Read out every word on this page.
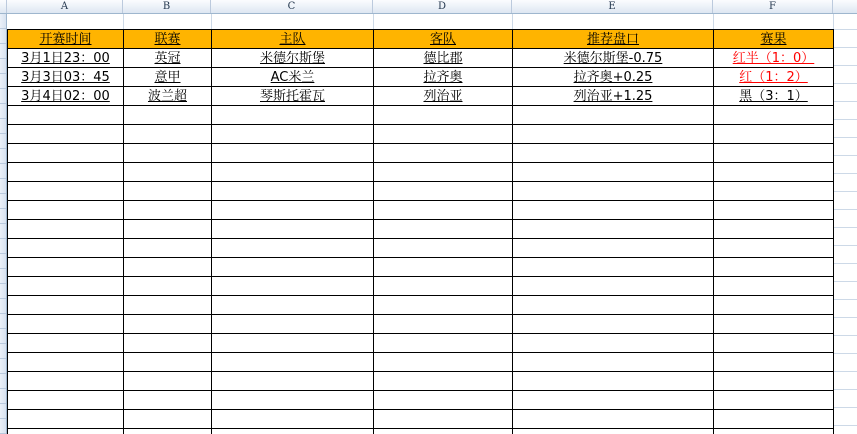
A	B	C	D	E	F
开赛时间	联赛	主队	客队	推荐盘口	赛果
3月1日23：00	英冠	米德尔斯堡	德比郡	米德尔斯堡-0.75	红半（1：0）
3月3日03：45	意甲	AC米兰	拉齐奥	拉齐奥+0.25	红（1：2）
3月4日02：00	波兰超	琴斯托霍瓦	列治亚	列治亚+1.25	黑（3：1）
